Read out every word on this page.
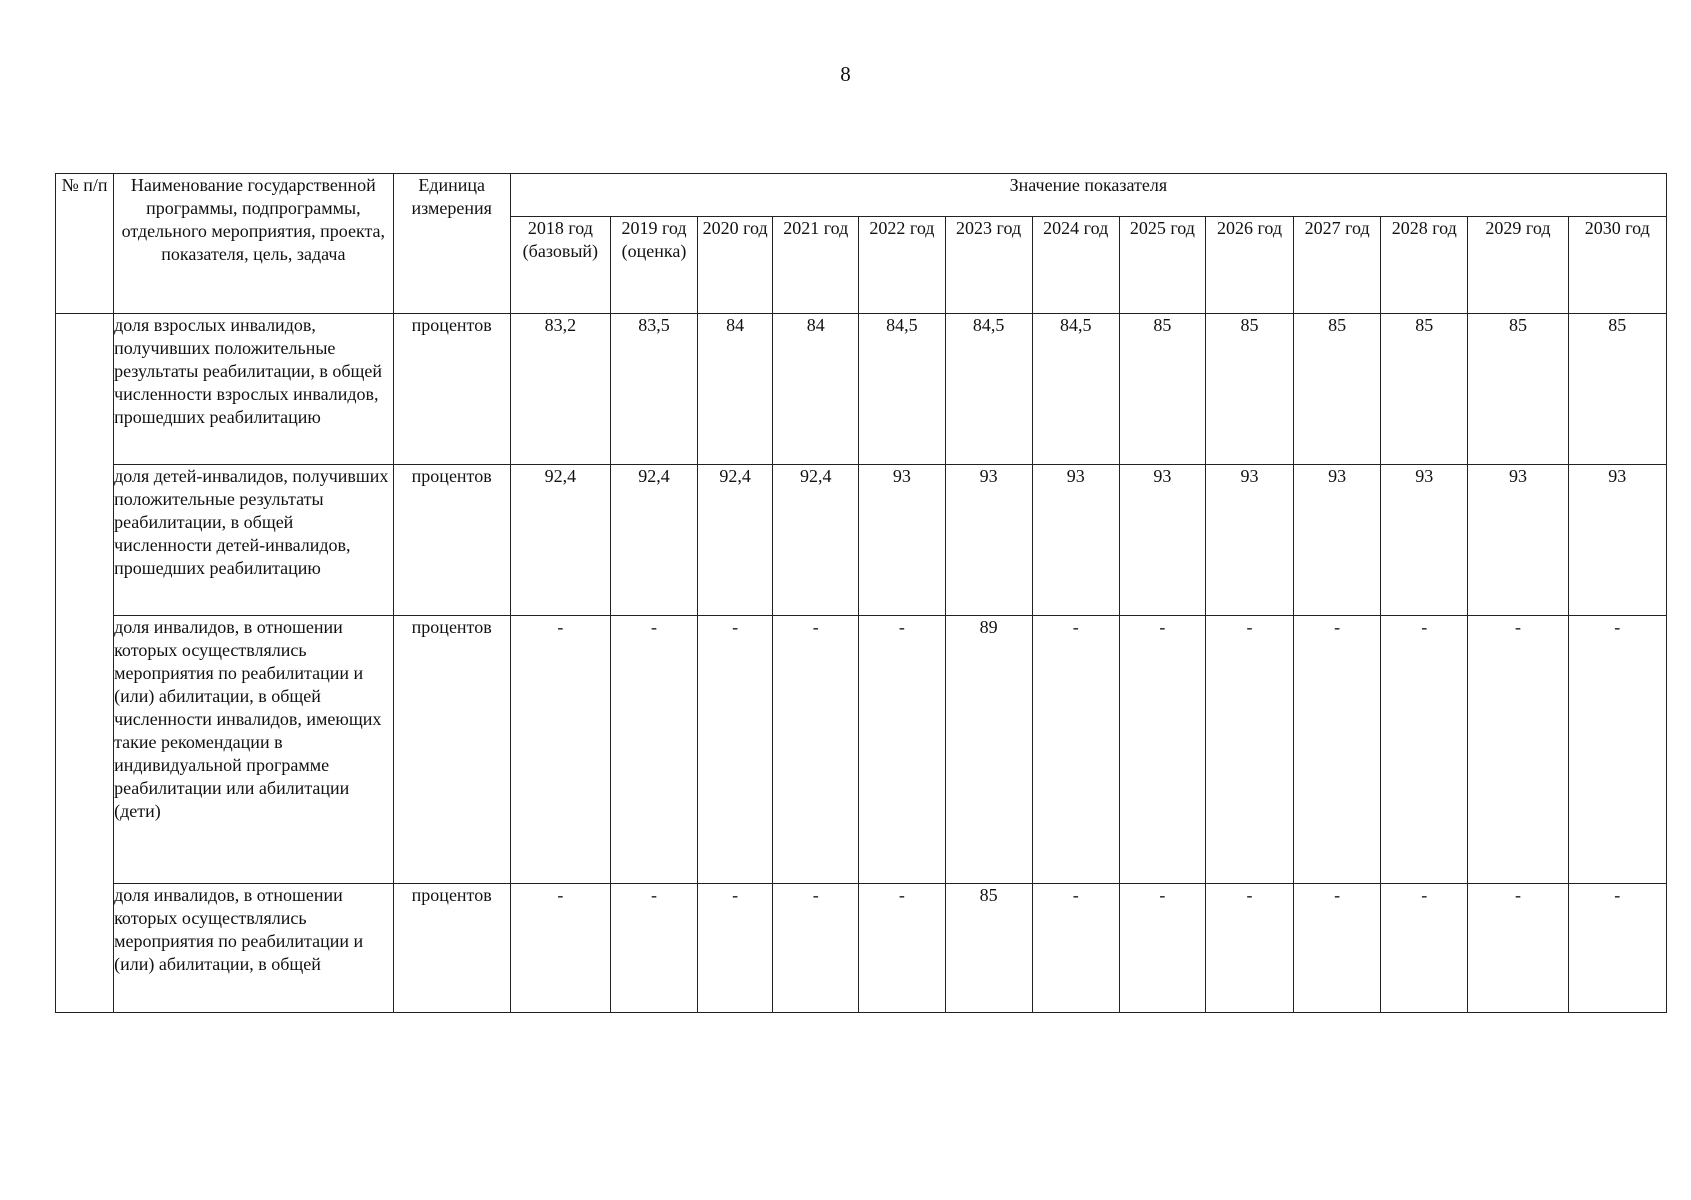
8
№ п/п	Наименование государственной программы, подпрограммы, отдельного мероприятия, проекта, показателя, цель, задача	Единица измерения	Значение показателя												
			2018 год (базовый)	2019 год (оценка)	2020 год	2021 год	2022 год	2023 год	2024 год	2025 год	2026 год	2027 год	2028 год	2029 год	2030 год
	доля взрослых инвалидов, получивших положительные результаты реабилитации, в общей численности взрослых инвалидов, прошедших реабилитацию	процентов	83,2	83,5	84	84	84,5	84,5	84,5	85	85	85	85	85	85
	доля детей-инвалидов, получивших положительные результаты реабилитации, в общей численности детей-инвалидов, прошедших реабилитацию	процентов	92,4	92,4	92,4	92,4	93	93	93	93	93	93	93	93	93
	доля инвалидов, в отношении которых осуществлялись мероприятия по реабилитации и (или) абилитации, в общей численности инвалидов, имеющих такие рекомендации в индивидуальной программе реабилитации или абилитации (дети)	процентов	-	-	-	-	-	89	-	-	-	-	-	-	-
	доля инвалидов, в отношении которых осуществлялись мероприятия по реабилитации и (или) абилитации, в общей	процентов	-	-	-	-	-	85	-	-	-	-	-	-	-
